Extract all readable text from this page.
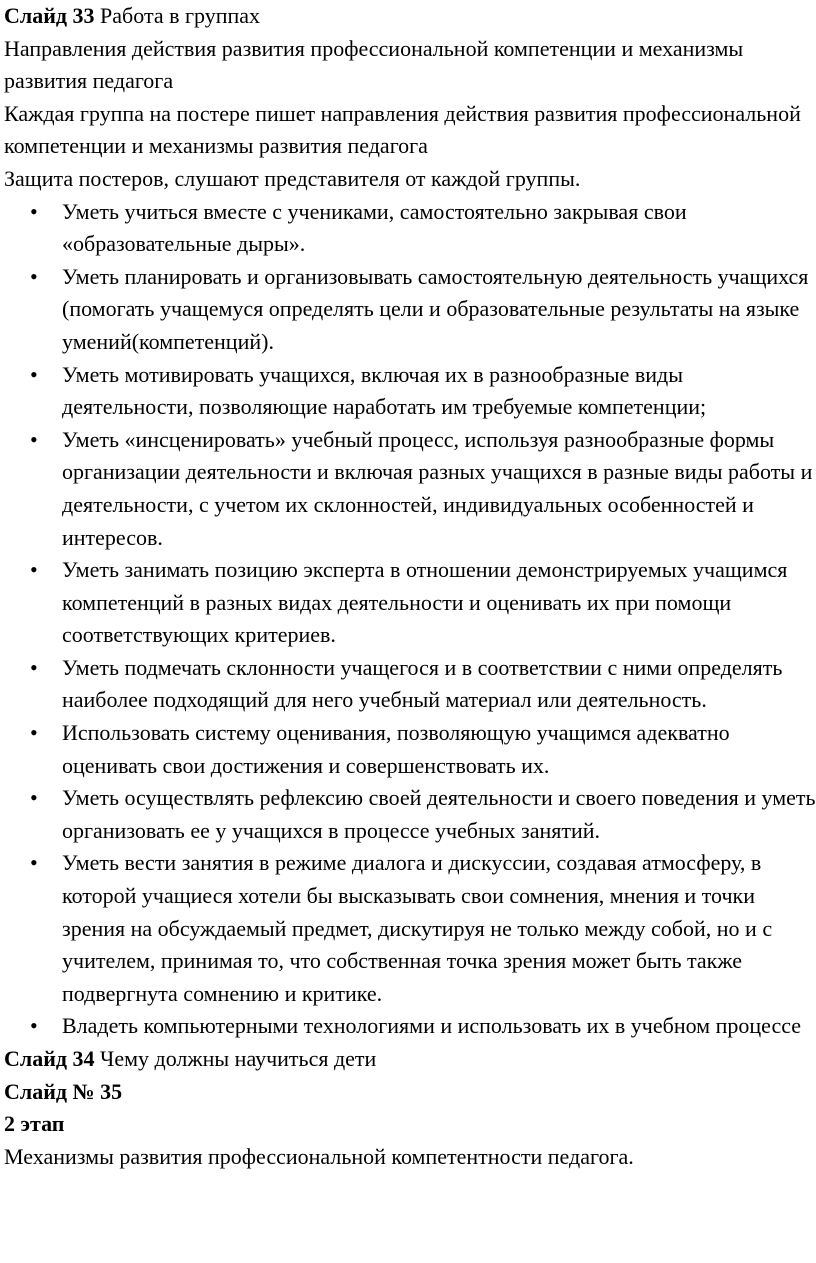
Слайд 33 Работа в группах

Направления действия развития профессиональной компетенции и механизмы развития педагога

Каждая группа на постере пишет направления действия развития профессиональной компетенции и механизмы развития педагога

Защита постеров, слушают представителя от каждой группы.

•	Уметь учиться вместе с учениками, самостоятельно закрывая свои «образовательные дыры».
•	Уметь планировать и организовывать самостоятельную деятельность учащихся (помогать учащемуся определять цели и образовательные результаты на языке умений(компетенций).
•	Уметь мотивировать учащихся, включая их в разнообразные виды деятельности, позволяющие наработать им требуемые компетенции;
•	Уметь «инсценировать» учебный процесс, используя разнообразные формы организации деятельности и включая разных учащихся в разные виды работы и деятельности, с учетом их склонностей, индивидуальных особенностей и интересов.
•	Уметь занимать позицию эксперта в отношении демонстрируемых учащимся компетенций в разных видах деятельности и оценивать их при помощи соответствующих критериев.
•	Уметь подмечать склонности учащегося и в соответствии с ними определять наиболее подходящий для него учебный материал или деятельность.
•	Использовать систему оценивания, позволяющую учащимся адекватно оценивать свои достижения и совершенствовать их.
•	Уметь осуществлять рефлексию своей деятельности и своего поведения и уметь организовать ее у учащихся в процессе учебных занятий.
•	Уметь вести занятия в режиме диалога и дискуссии, создавая атмосферу, в которой учащиеся хотели бы высказывать свои сомнения, мнения и точки зрения на обсуждаемый предмет, дискутируя не только между собой, но и с учителем, принимая то, что собственная точка зрения может быть также подвергнута сомнению и критике.
•	Владеть компьютерными технологиями и использовать их в учебном процессе

Слайд 34 Чему должны научиться дети

Слайд № 35

2 этап

Механизмы развития профессиональной компетентности педагога.
